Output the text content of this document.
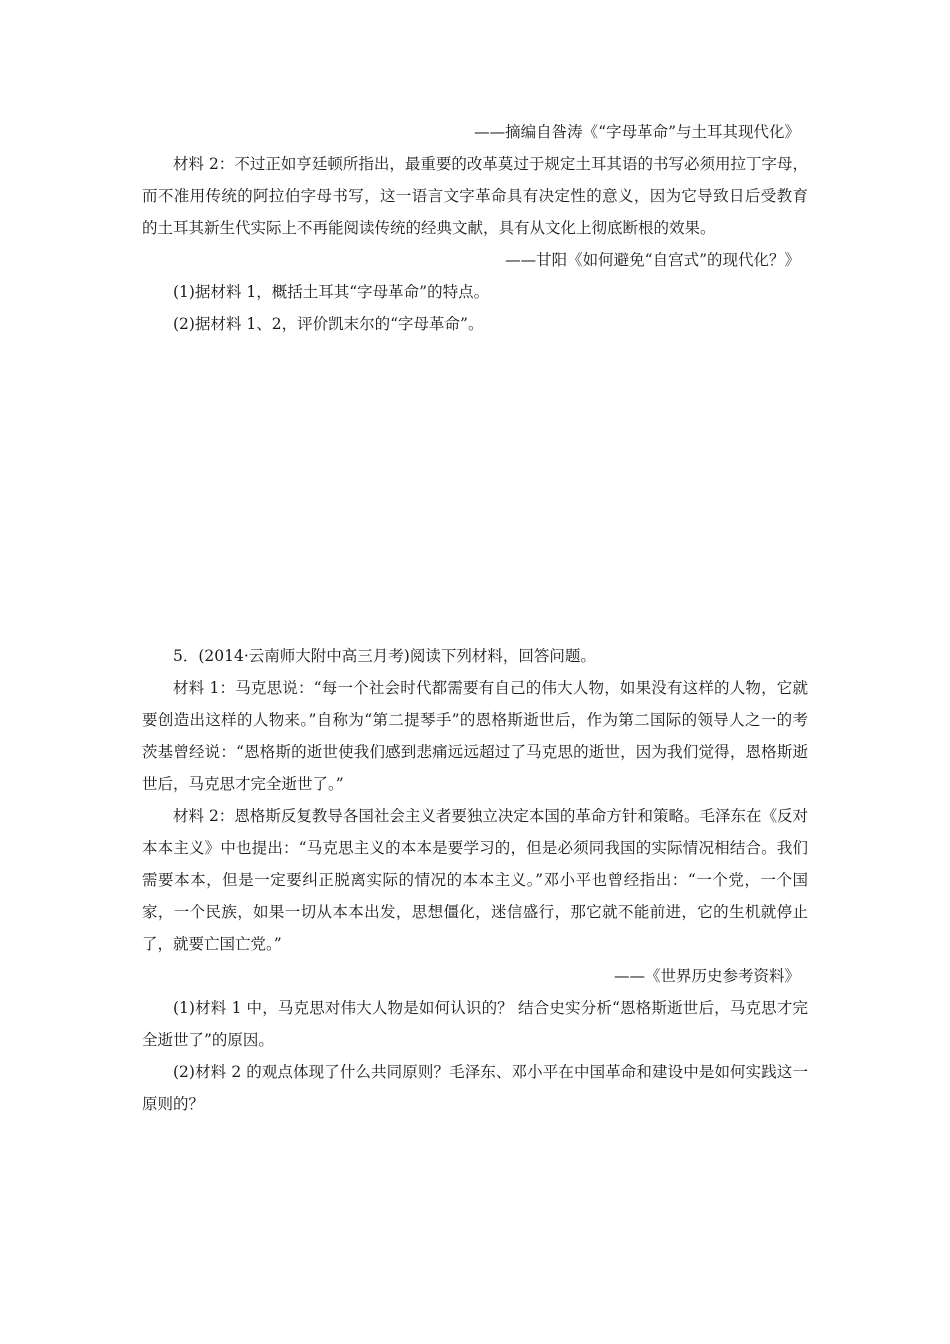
——摘编自昝涛《“字母革命”与土耳其现代化》

材料 2：不过正如亨廷顿所指出，最重要的改革莫过于规定土耳其语的书写必须用拉丁字母，而不准用传统的阿拉伯字母书写，这一语言文字革命具有决定性的意义，因为它导致日后受教育的土耳其新生代实际上不再能阅读传统的经典文献，具有从文化上彻底断根的效果。

——甘阳《如何避免“自宫式”的现代化？》

(1)据材料 1，概括土耳其“字母革命”的特点。

(2)据材料 1、2，评价凯末尔的“字母革命”。

5．(2014·云南师大附中高三月考)阅读下列材料，回答问题。

材料 1：马克思说：“每一个社会时代都需要有自己的伟大人物，如果没有这样的人物，它就要创造出这样的人物来。”自称为“第二提琴手”的恩格斯逝世后，作为第二国际的领导人之一的考茨基曾经说：“恩格斯的逝世使我们感到悲痛远远超过了马克思的逝世，因为我们觉得，恩格斯逝世后，马克思才完全逝世了。”

材料 2：恩格斯反复教导各国社会主义者要独立决定本国的革命方针和策略。毛泽东在《反对本本主义》中也提出：“马克思主义的本本是要学习的，但是必须同我国的实际情况相结合。我们需要本本，但是一定要纠正脱离实际的情况的本本主义。”邓小平也曾经指出：“一个党，一个国家，一个民族，如果一切从本本出发，思想僵化，迷信盛行，那它就不能前进，它的生机就停止了，就要亡国亡党。”

——《世界历史参考资料》

(1)材料 1 中，马克思对伟大人物是如何认识的？ 结合史实分析“恩格斯逝世后，马克思才完全逝世了”的原因。

(2)材料 2 的观点体现了什么共同原则？毛泽东、邓小平在中国革命和建设中是如何实践这一原则的？
